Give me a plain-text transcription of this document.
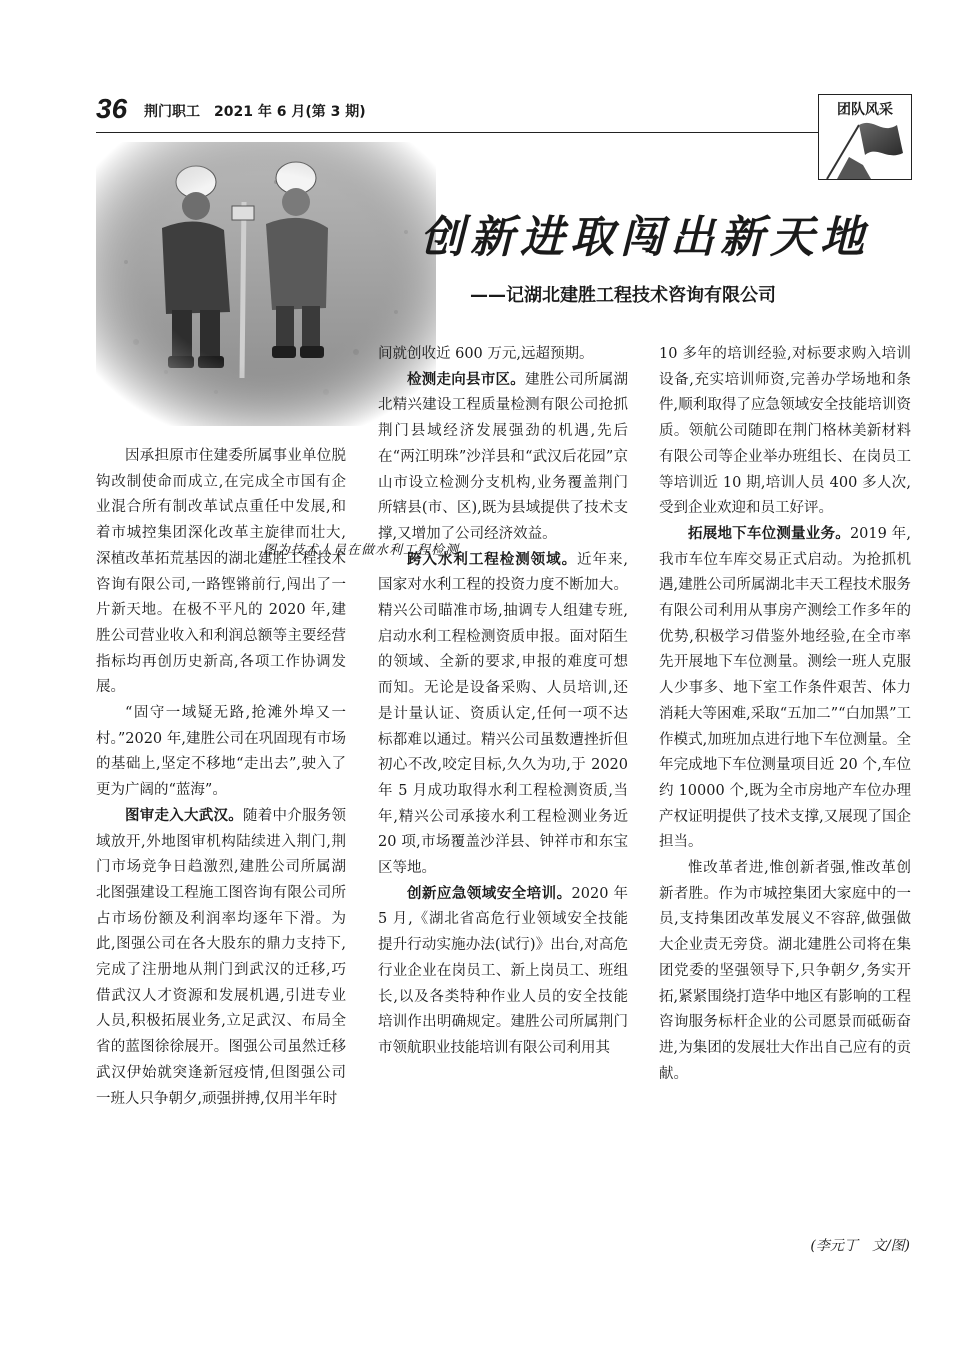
36 荆门职工　2021 年 6 月(第 3 期)	团队风采
图为技术人员在做水利工程检测
创新进取闯出新天地
——记湖北建胜工程技术咨询有限公司

因承担原市住建委所属事业单位脱钩改制使命而成立,在完成全市国有企业混合所有制改革试点重任中发展,和着市城控集团深化改革主旋律而壮大,深植改革拓荒基因的湖北建胜工程技术咨询有限公司,一路铿锵前行,闯出了一片新天地。在极不平凡的 2020 年,建胜公司营业收入和利润总额等主要经营指标均再创历史新高,各项工作协调发展。

“固守一域疑无路,抢滩外埠又一村。”2020 年,建胜公司在巩固现有市场的基础上,坚定不移地“走出去”,驶入了更为广阔的“蓝海”。

图审走入大武汉。随着中介服务领域放开,外地图审机构陆续进入荆门,荆门市场竞争日趋激烈,建胜公司所属湖北图强建设工程施工图咨询有限公司所占市场份额及利润率均逐年下滑。为此,图强公司在各大股东的鼎力支持下,完成了注册地从荆门到武汉的迁移,巧借武汉人才资源和发展机遇,引进专业人员,积极拓展业务,立足武汉、布局全省的蓝图徐徐展开。图强公司虽然迁移武汉伊始就突逢新冠疫情,但图强公司一班人只争朝夕,顽强拼搏,仅用半年时

间就创收近 600 万元,远超预期。

检测走向县市区。建胜公司所属湖北精兴建设工程质量检测有限公司抢抓荆门县域经济发展强劲的机遇,先后在“两江明珠”沙洋县和“武汉后花园”京山市设立检测分支机构,业务覆盖荆门所辖县(市、区),既为县域提供了技术支撑,又增加了公司经济效益。

跨入水利工程检测领域。近年来,国家对水利工程的投资力度不断加大。精兴公司瞄准市场,抽调专人组建专班,启动水利工程检测资质申报。面对陌生的领域、全新的要求,申报的难度可想而知。无论是设备采购、人员培训,还是计量认证、资质认定,任何一项不达标都难以通过。精兴公司虽数遭挫折但初心不改,咬定目标,久久为功,于 2020 年 5 月成功取得水利工程检测资质,当年,精兴公司承接水利工程检测业务近 20 项,市场覆盖沙洋县、钟祥市和东宝区等地。

创新应急领域安全培训。2020 年 5 月,《湖北省高危行业领域安全技能提升行动实施办法(试行)》出台,对高危行业企业在岗员工、新上岗员工、班组长,以及各类特种作业人员的安全技能培训作出明确规定。建胜公司所属荆门市领航职业技能培训有限公司利用其

10 多年的培训经验,对标要求购入培训设备,充实培训师资,完善办学场地和条件,顺利取得了应急领域安全技能培训资质。领航公司随即在荆门格林美新材料有限公司等企业举办班组长、在岗员工等培训近 10 期,培训人员 400 多人次,受到企业欢迎和员工好评。

拓展地下车位测量业务。2019 年,我市车位车库交易正式启动。为抢抓机遇,建胜公司所属湖北丰天工程技术服务有限公司利用从事房产测绘工作多年的优势,积极学习借鉴外地经验,在全市率先开展地下车位测量。测绘一班人克服人少事多、地下室工作条件艰苦、体力消耗大等困难,采取“五加二”“白加黑”工作模式,加班加点进行地下车位测量。全年完成地下车位测量项目近 20 个,车位约 10000 个,既为全市房地产车位办理产权证明提供了技术支撑,又展现了国企担当。

惟改革者进,惟创新者强,惟改革创新者胜。作为市城控集团大家庭中的一员,支持集团改革发展义不容辞,做强做大企业责无旁贷。湖北建胜公司将在集团党委的坚强领导下,只争朝夕,务实开拓,紧紧围绕打造华中地区有影响的工程咨询服务标杆企业的公司愿景而砥砺奋进,为集团的发展壮大作出自己应有的贡献。

(李元丁　文/图)
